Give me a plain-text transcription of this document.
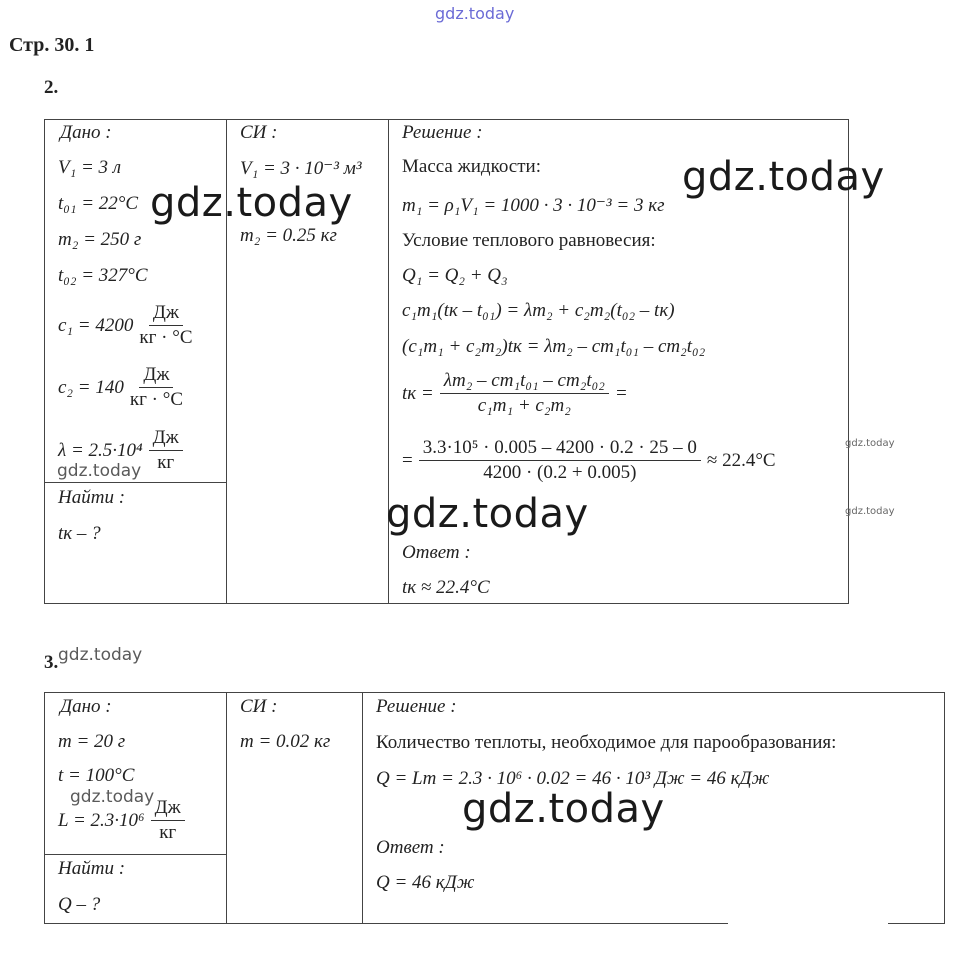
gdz.today
Стр. 30. 1
2.
Дано :
V₁ = 3 л
t₀₁ = 22°C
m₂ = 250 г
t₀₂ = 327°C
$c_1 = 4200 \frac{Дж}{кг \cdot ^\circ C}$
$c_2 = 140 \frac{Дж}{кг \cdot ^\circ C}$
$\lambda = 2.5\cdot 10^4 \frac{Дж}{кг}$
gdz.today
Найти :
tк – ?
СИ :
V₁ = 3 · 10⁻³ м³
m₂ = 0.25 кг
Решение :
Масса жидкости:
m₁ = ρ₁V₁ = 1000 · 3 · 10⁻³ = 3 кг
Условие теплового равновесия:
Q₁ = Q₂ + Q₃
c₁m₁(tк – t₀₁) = λm₂ + c₂m₂(t₀₂ – tк)
(c₁m₁ + c₂m₂)tк = λm₂ – cm₁t₀₁ – cm₂t₀₂
tк = $\frac{\text{λm₂ – cm₁t₀₁ – cm₂t₀₂}}{\text{c₁m₁ + c₂m₂}}$ =
= $\frac{\text{3.3·10⁵ · 0.005 – 4200 · 0.2 · 25 – 0}}{4200 \cdot (0.2 + 0.005)} \approx 22.4^\circ C$
Ответ :
tк ≈ 22.4°C
gdz.today
gdz.today
gdz.today
gdz.today
gdz.today
3. gdz.today
Дано :
m = 20 г
t = 100°C
gdz.today
$L = 2.3\cdot 10^6 \frac{Дж}{кг}$
Найти :
Q – ?
СИ :
m = 0.02 кг
Решение :
Количество теплоты, необходимое для парообразования:
Q = Lm = 2.3 · 10⁶ · 0.02 = 46 · 10³ Дж = 46 кДж
Ответ :
Q = 46 кДж
gdz.today
